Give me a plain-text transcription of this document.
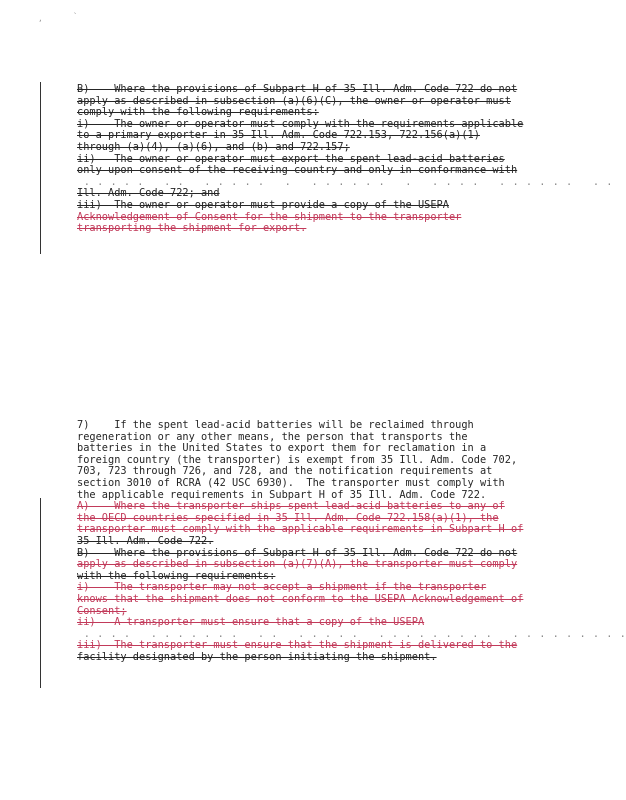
,	`
B)    Where the provisions of Subpart H of 35 Ill. Adm. Code 722 do not
apply as described in subsection (a)(6)(C), the owner or operator must
comply with the following requirements:
i)    The owner or operator must comply with the requirements applicable
to a primary exporter in 35 Ill. Adm. Code 722.153, 722.156(a)(1)
through (a)(4), (a)(6), and (b) and 722.157;
ii)   The owner or operator must export the spent lead-acid batteries
only upon consent of the receiving country and only in conformance with
. . . . .   . .   . . . . .   .   . . . . . .   .   . . . .   . . . . . .   . .
Ill. Adm. Code 722; and
iii)  The owner or operator must provide a copy of the USEPA
Acknowledgement of Consent for the shipment to the transporter
transporting the shipment for export.
7)    If the spent lead-acid batteries will be reclaimed through
regeneration or any other means, the person that transports the
batteries in the United States to export them for reclamation in a
foreign country (the transporter) is exempt from 35 Ill. Adm. Code 702,
703, 723 through 726, and 728, and the notification requirements at
section 3010 of RCRA (42 USC 6930).  The transporter must comply with
the applicable requirements in Subpart H of 35 Ill. Adm. Code 722.
A)    Where the transporter ships spent lead-acid batteries to any of
the OECD countries specified in 35 Ill. Adm. Code 722.158(a)(1), the
transporter must comply with the applicable requirements in Subpart H of
35 Ill. Adm. Code 722.
B)    Where the provisions of Subpart H of 35 Ill. Adm. Code 722 do not
apply as described in subsection (a)(7)(A), the transporter must comply
with the following requirements:
i)    The transporter may not accept a shipment if the transporter
knows that the shipment does not conform to the USEPA Acknowledgement of
Consent;
ii)   A transporter must ensure that a copy of the USEPA
. . . .   . . . . . . .   . .   . . . . .   . . . . . . . . .   . . . . . . . . .
iii)  The transporter must ensure that the shipment is delivered to the
facility designated by the person initiating the shipment.
